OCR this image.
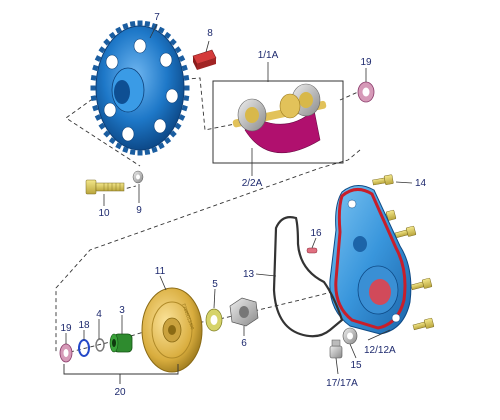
77335013400
7
8
1/1A
19
2/2A
10	9
14
16
13
11
5
6
3
4
18
19
12/12A
15
17/17A
20
